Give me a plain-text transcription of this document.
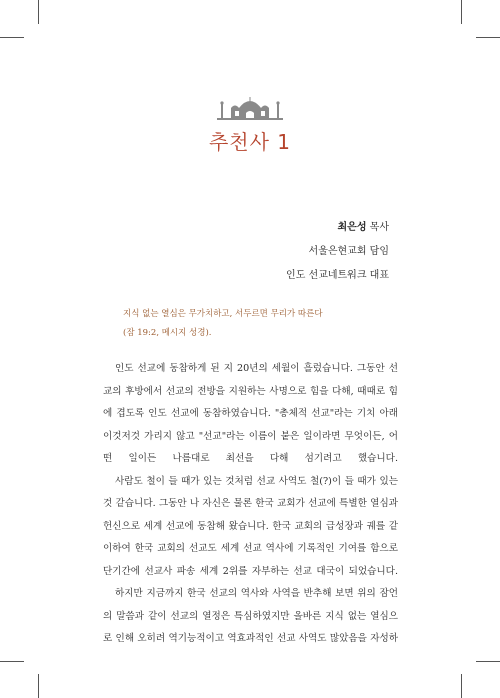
추천사 1
최은성 목사
서울은현교회 담임
인도 선교네트워크 대표
지식 없는 열심은 무가치하고, 서두르면 무리가 따른다
(잠 19:2, 메시지 성경).

인도 선교에 동참하게 된 지 20년의 세월이 흘렀습니다. 그동안 선교의 후방에서 선교의 전방을 지원하는 사명으로 힘을 다해, 때때로 힘에 겹도록 인도 선교에 동참하였습니다. "총체적 선교"라는 기치 아래 이것저것 가리지 않고 "선교"라는 이름이 붙은 일이라면 무엇이든, 어떤 일이든 나름대로 최선을 다해 섬기려고 했습니다.

사람도 철이 들 때가 있는 것처럼 선교 사역도 철(?)이 들 때가 있는 것 같습니다. 그동안 나 자신은 물론 한국 교회가 선교에 특별한 열심과 헌신으로 세계 선교에 동참해 왔습니다. 한국 교회의 급성장과 궤를 같이하여 한국 교회의 선교도 세계 선교 역사에 기록적인 기여를 함으로 단기간에 선교사 파송 세계 2위를 자부하는 선교 대국이 되었습니다.

하지만 지금까지 한국 선교의 역사와 사역을 반추해 보면 위의 잠언의 말씀과 같이 선교의 열정은 특심하였지만 올바른 지식 없는 열심으로 인해 오히려 역기능적이고 역효과적인 선교 사역도 많았음을 자성하
